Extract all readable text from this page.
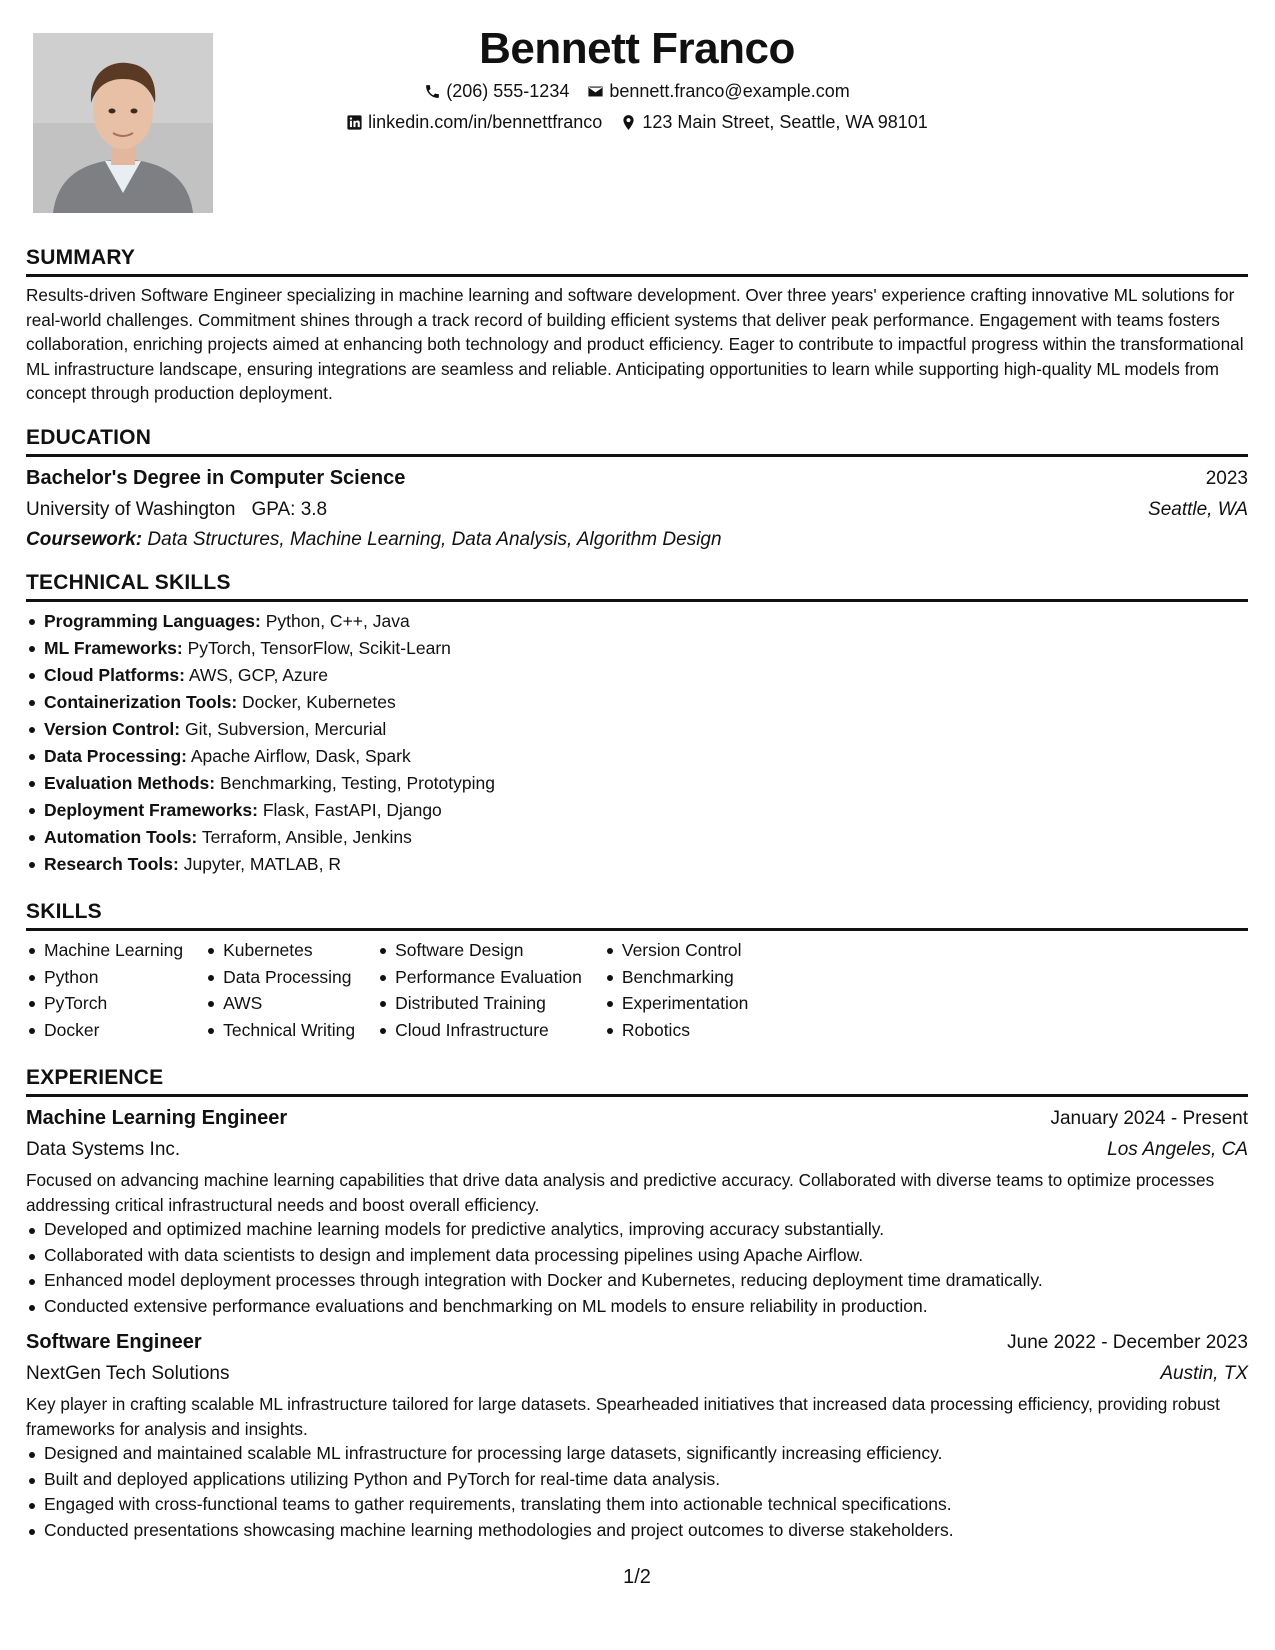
Bennett Franco
(206) 555-1234 bennett.franco@example.com
linkedin.com/in/bennettfranco 123 Main Street, Seattle, WA 98101
SUMMARY
Results-driven Software Engineer specializing in machine learning and software development. Over three years' experience crafting innovative ML solutions for real-world challenges. Commitment shines through a track record of building efficient systems that deliver peak performance. Engagement with teams fosters collaboration, enriching projects aimed at enhancing both technology and product efficiency. Eager to contribute to impactful progress within the transformational ML infrastructure landscape, ensuring integrations are seamless and reliable. Anticipating opportunities to learn while supporting high-quality ML models from concept through production deployment.
EDUCATION
Bachelor's Degree in Computer Science	2023
University of Washington GPA: 3.8	Seattle, WA
Coursework: Data Structures, Machine Learning, Data Analysis, Algorithm Design
TECHNICAL SKILLS
Programming Languages: Python, C++, Java
ML Frameworks: PyTorch, TensorFlow, Scikit-Learn
Cloud Platforms: AWS, GCP, Azure
Containerization Tools: Docker, Kubernetes
Version Control: Git, Subversion, Mercurial
Data Processing: Apache Airflow, Dask, Spark
Evaluation Methods: Benchmarking, Testing, Prototyping
Deployment Frameworks: Flask, FastAPI, Django
Automation Tools: Terraform, Ansible, Jenkins
Research Tools: Jupyter, MATLAB, R
SKILLS
Machine Learning
Python
PyTorch
Docker
Kubernetes
Data Processing
AWS
Technical Writing
Software Design
Performance Evaluation
Distributed Training
Cloud Infrastructure
Version Control
Benchmarking
Experimentation
Robotics
EXPERIENCE
Machine Learning Engineer	January 2024 - Present
Data Systems Inc.	Los Angeles, CA
Focused on advancing machine learning capabilities that drive data analysis and predictive accuracy. Collaborated with diverse teams to optimize processes addressing critical infrastructural needs and boost overall efficiency.
Developed and optimized machine learning models for predictive analytics, improving accuracy substantially.
Collaborated with data scientists to design and implement data processing pipelines using Apache Airflow.
Enhanced model deployment processes through integration with Docker and Kubernetes, reducing deployment time dramatically.
Conducted extensive performance evaluations and benchmarking on ML models to ensure reliability in production.
Software Engineer	June 2022 - December 2023
NextGen Tech Solutions	Austin, TX
Key player in crafting scalable ML infrastructure tailored for large datasets. Spearheaded initiatives that increased data processing efficiency, providing robust frameworks for analysis and insights.
Designed and maintained scalable ML infrastructure for processing large datasets, significantly increasing efficiency.
Built and deployed applications utilizing Python and PyTorch for real-time data analysis.
Engaged with cross-functional teams to gather requirements, translating them into actionable technical specifications.
Conducted presentations showcasing machine learning methodologies and project outcomes to diverse stakeholders.
1/2
